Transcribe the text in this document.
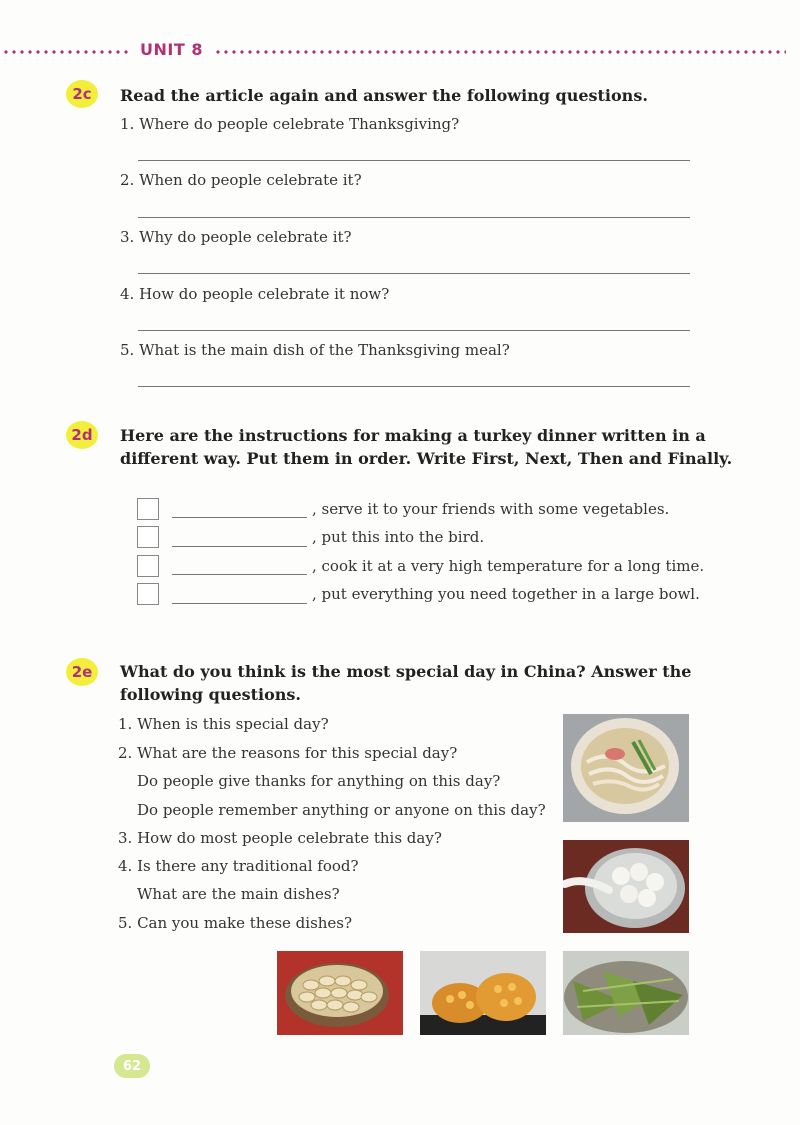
UNIT 8
2c	Read the article again and answer the following questions.
1. Where do people celebrate Thanksgiving?
2. When do people celebrate it?
3. Why do people celebrate it?
4. How do people celebrate it now?
5. What is the main dish of the Thanksgiving meal?
2d	Here are the instructions for making a turkey dinner written in a
different way. Put them in order. Write First, Next, Then and Finally.
, serve it to your friends with some vegetables.
, put this into the bird.
, cook it at a very high temperature for a long time.
, put everything you need together in a large bowl.
2e	What do you think is the most special day in China? Answer the
following questions.
1. When is this special day?
2. What are the reasons for this special day?
Do people give thanks for anything on this day?
Do people remember anything or anyone on this day?
3. How do most people celebrate this day?
4. Is there any traditional food?
What are the main dishes?
5. Can you make these dishes?
62
